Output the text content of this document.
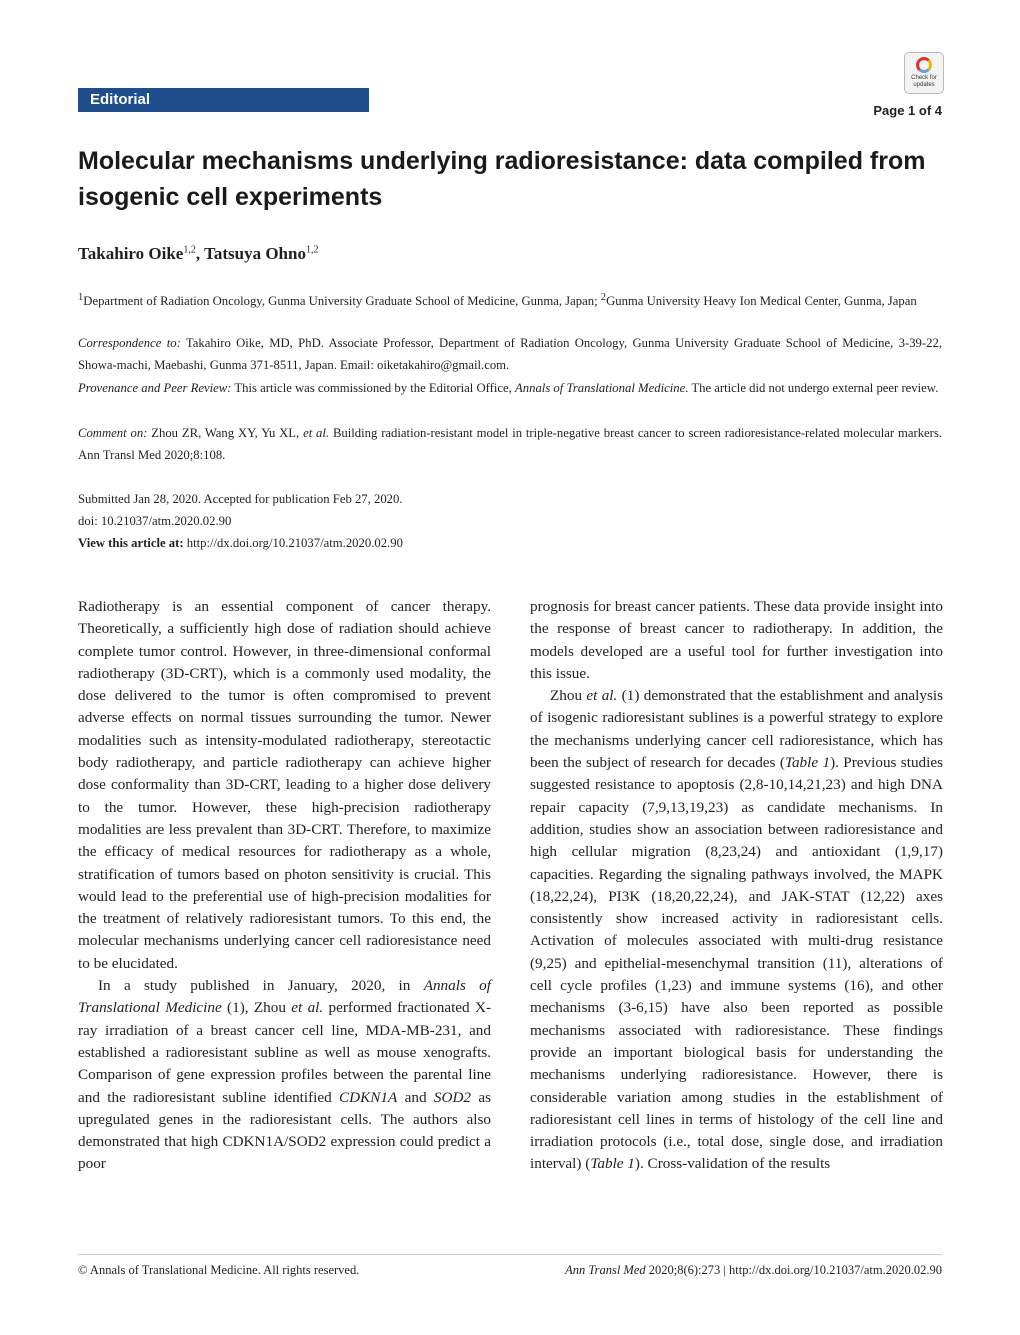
Editorial
Check for updates
Page 1 of 4
Molecular mechanisms underlying radioresistance: data compiled from isogenic cell experiments
Takahiro Oike$^{1,2}$, Tatsuya Ohno$^{1,2}$
$^1$Department of Radiation Oncology, Gunma University Graduate School of Medicine, Gunma, Japan; $^2$Gunma University Heavy Ion Medical Center, Gunma, Japan
Correspondence to: Takahiro Oike, MD, PhD. Associate Professor, Department of Radiation Oncology, Gunma University Graduate School of Medicine, 3-39-22, Showa-machi, Maebashi, Gunma 371-8511, Japan. Email: oiketakahiro@gmail.com.
Provenance and Peer Review: This article was commissioned by the Editorial Office, Annals of Translational Medicine. The article did not undergo external peer review.
Comment on: Zhou ZR, Wang XY, Yu XL, et al. Building radiation-resistant model in triple-negative breast cancer to screen radioresistance-related molecular markers. Ann Transl Med 2020;8:108.
Submitted Jan 28, 2020. Accepted for publication Feb 27, 2020.
doi: 10.21037/atm.2020.02.90
View this article at: http://dx.doi.org/10.21037/atm.2020.02.90

Radiotherapy is an essential component of cancer therapy. Theoretically, a sufficiently high dose of radiation should achieve complete tumor control. However, in three-dimensional conformal radiotherapy (3D-CRT), which is a commonly used modality, the dose delivered to the tumor is often compromised to prevent adverse effects on normal tissues surrounding the tumor. Newer modalities such as intensity-modulated radiotherapy, stereotactic body radiotherapy, and particle radiotherapy can achieve higher dose conformality than 3D-CRT, leading to a higher dose delivery to the tumor. However, these high-precision radiotherapy modalities are less prevalent than 3D-CRT. Therefore, to maximize the efficacy of medical resources for radiotherapy as a whole, stratification of tumors based on photon sensitivity is crucial. This would lead to the preferential use of high-precision modalities for the treatment of relatively radioresistant tumors. To this end, the molecular mechanisms underlying cancer cell radioresistance need to be elucidated.

In a study published in January, 2020, in Annals of Translational Medicine (1), Zhou et al. performed fractionated X-ray irradiation of a breast cancer cell line, MDA-MB-231, and established a radioresistant subline as well as mouse xenografts. Comparison of gene expression profiles between the parental line and the radioresistant subline identified CDKN1A and SOD2 as upregulated genes in the radioresistant cells. The authors also demonstrated that high CDKN1A/SOD2 expression could predict a poor

prognosis for breast cancer patients. These data provide insight into the response of breast cancer to radiotherapy. In addition, the models developed are a useful tool for further investigation into this issue.

Zhou et al. (1) demonstrated that the establishment and analysis of isogenic radioresistant sublines is a powerful strategy to explore the mechanisms underlying cancer cell radioresistance, which has been the subject of research for decades (Table 1). Previous studies suggested resistance to apoptosis (2,8-10,14,21,23) and high DNA repair capacity (7,9,13,19,23) as candidate mechanisms. In addition, studies show an association between radioresistance and high cellular migration (8,23,24) and antioxidant (1,9,17) capacities. Regarding the signaling pathways involved, the MAPK (18,22,24), PI3K (18,20,22,24), and JAK-STAT (12,22) axes consistently show increased activity in radioresistant cells. Activation of molecules associated with multi-drug resistance (9,25) and epithelial-mesenchymal transition (11), alterations of cell cycle profiles (1,23) and immune systems (16), and other mechanisms (3-6,15) have also been reported as possible mechanisms associated with radioresistance. These findings provide an important biological basis for understanding the mechanisms underlying radioresistance. However, there is considerable variation among studies in the establishment of radioresistant cell lines in terms of histology of the cell line and irradiation protocols (i.e., total dose, single dose, and irradiation interval) (Table 1). Cross-validation of the results

© Annals of Translational Medicine. All rights reserved.	Ann Transl Med 2020;8(6):273 | http://dx.doi.org/10.21037/atm.2020.02.90
